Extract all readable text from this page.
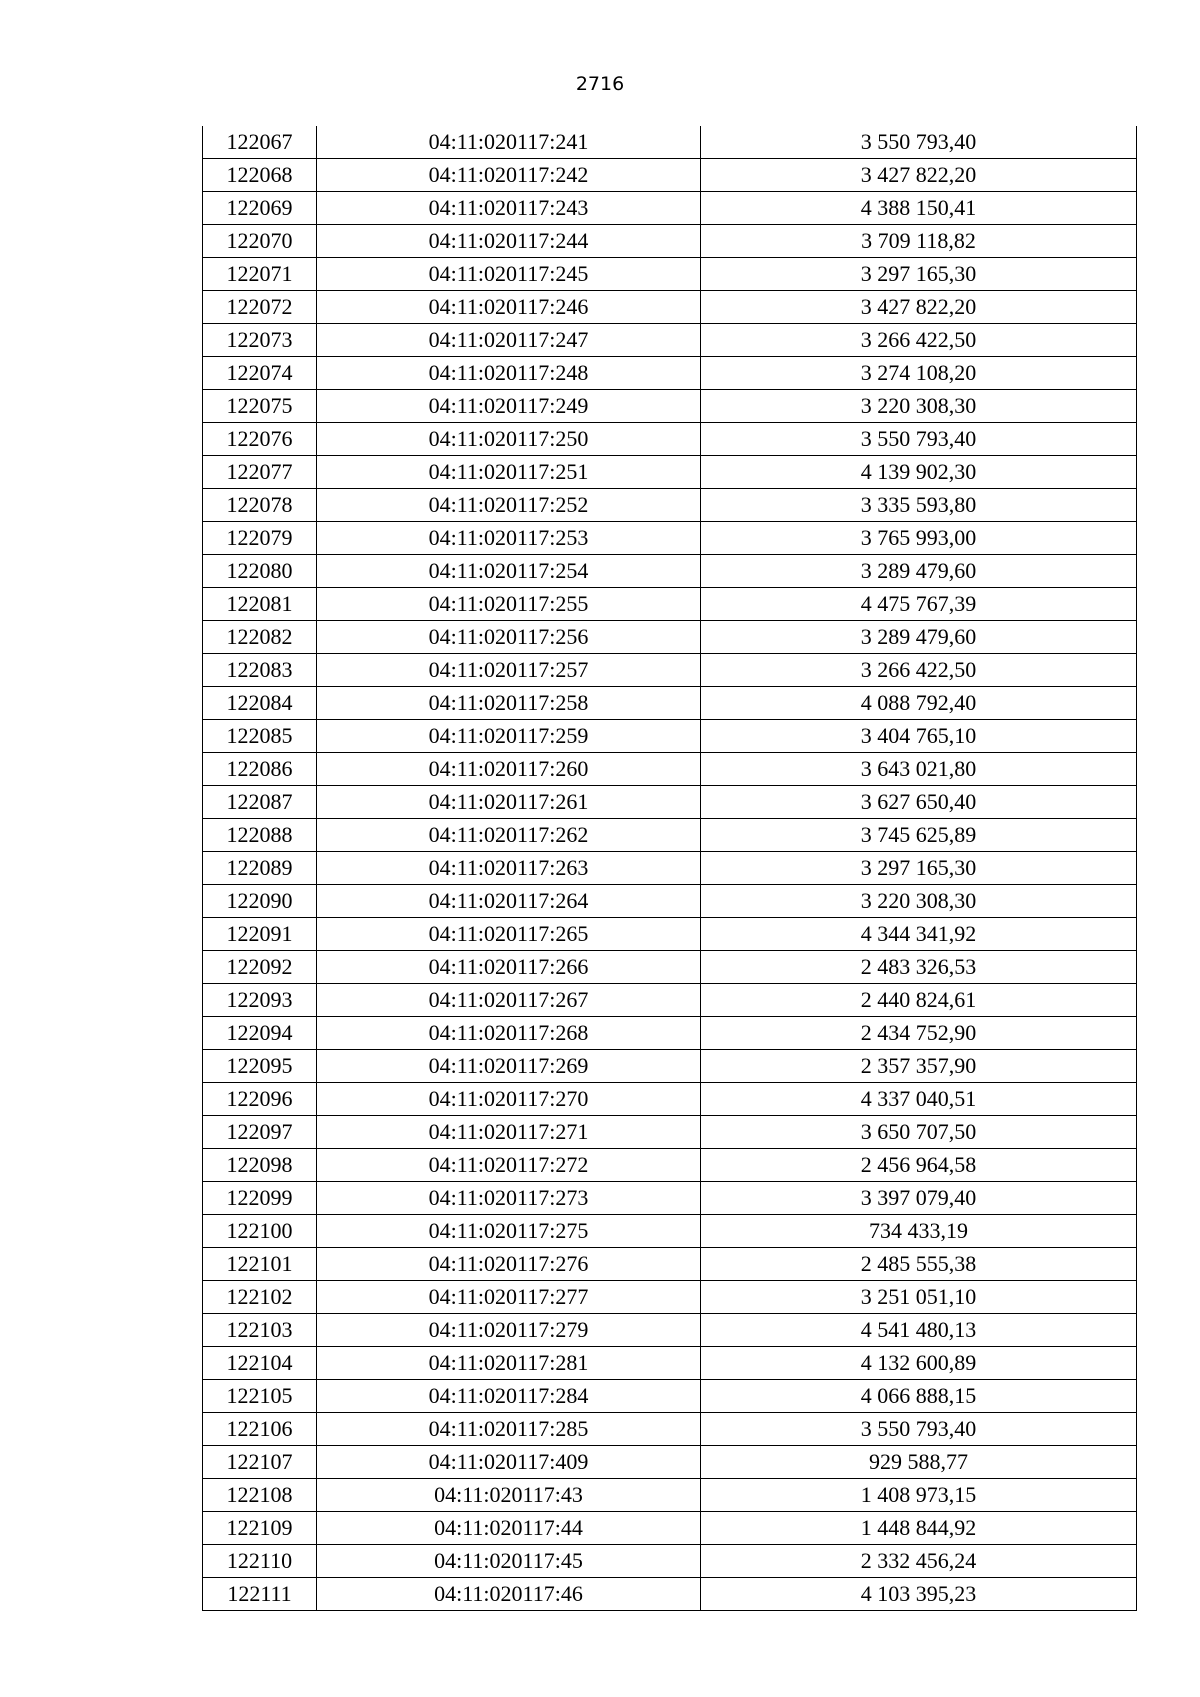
2716
122067	04:11:020117:241	3 550 793,40
122068	04:11:020117:242	3 427 822,20
122069	04:11:020117:243	4 388 150,41
122070	04:11:020117:244	3 709 118,82
122071	04:11:020117:245	3 297 165,30
122072	04:11:020117:246	3 427 822,20
122073	04:11:020117:247	3 266 422,50
122074	04:11:020117:248	3 274 108,20
122075	04:11:020117:249	3 220 308,30
122076	04:11:020117:250	3 550 793,40
122077	04:11:020117:251	4 139 902,30
122078	04:11:020117:252	3 335 593,80
122079	04:11:020117:253	3 765 993,00
122080	04:11:020117:254	3 289 479,60
122081	04:11:020117:255	4 475 767,39
122082	04:11:020117:256	3 289 479,60
122083	04:11:020117:257	3 266 422,50
122084	04:11:020117:258	4 088 792,40
122085	04:11:020117:259	3 404 765,10
122086	04:11:020117:260	3 643 021,80
122087	04:11:020117:261	3 627 650,40
122088	04:11:020117:262	3 745 625,89
122089	04:11:020117:263	3 297 165,30
122090	04:11:020117:264	3 220 308,30
122091	04:11:020117:265	4 344 341,92
122092	04:11:020117:266	2 483 326,53
122093	04:11:020117:267	2 440 824,61
122094	04:11:020117:268	2 434 752,90
122095	04:11:020117:269	2 357 357,90
122096	04:11:020117:270	4 337 040,51
122097	04:11:020117:271	3 650 707,50
122098	04:11:020117:272	2 456 964,58
122099	04:11:020117:273	3 397 079,40
122100	04:11:020117:275	734 433,19
122101	04:11:020117:276	2 485 555,38
122102	04:11:020117:277	3 251 051,10
122103	04:11:020117:279	4 541 480,13
122104	04:11:020117:281	4 132 600,89
122105	04:11:020117:284	4 066 888,15
122106	04:11:020117:285	3 550 793,40
122107	04:11:020117:409	929 588,77
122108	04:11:020117:43	1 408 973,15
122109	04:11:020117:44	1 448 844,92
122110	04:11:020117:45	2 332 456,24
122111	04:11:020117:46	4 103 395,23
